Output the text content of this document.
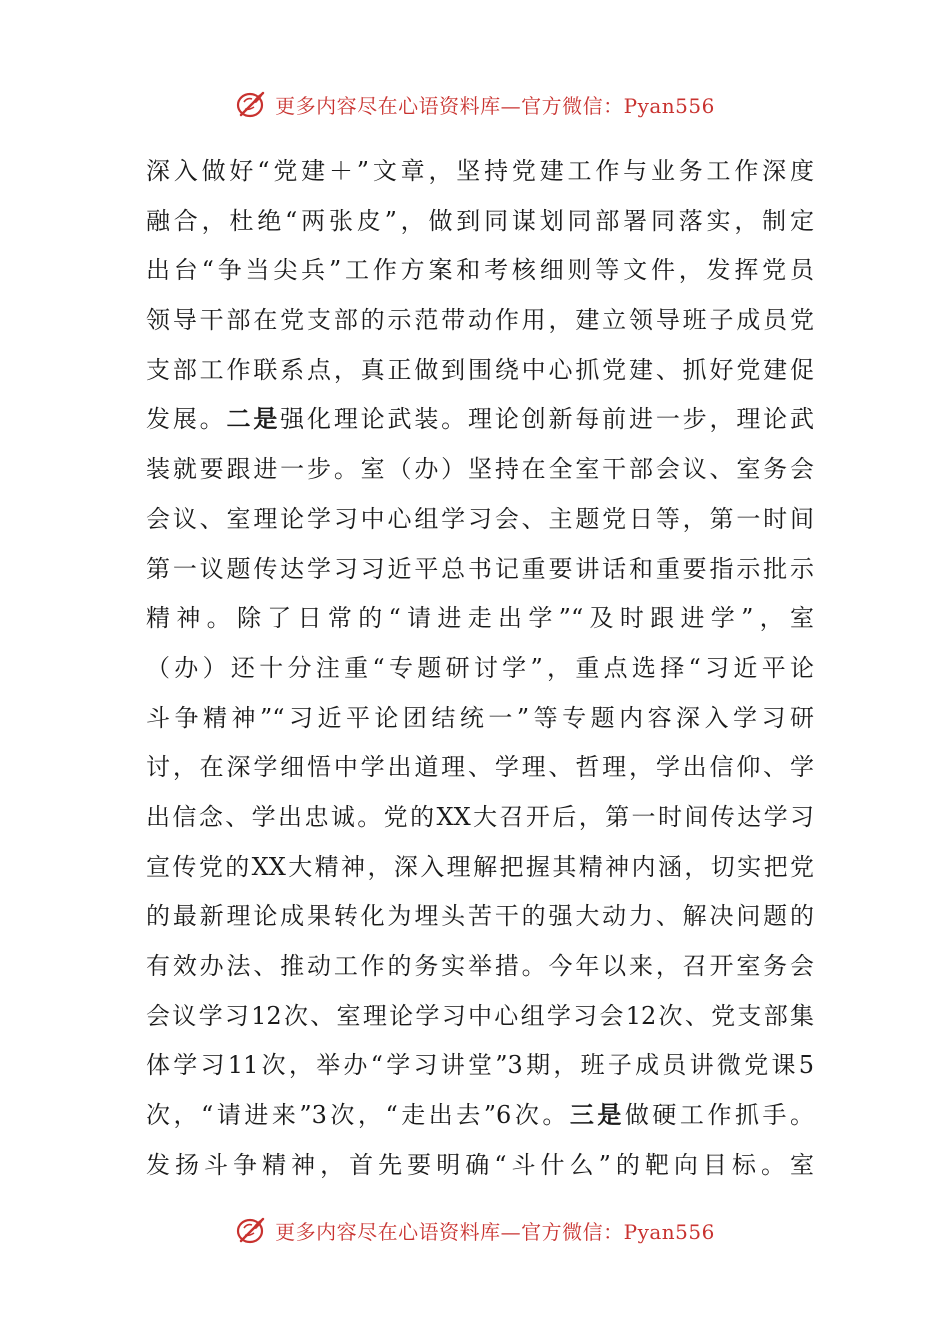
更多内容尽在心语资料库—官方微信：Pyan556
深入做好“党建＋”文章，坚持党建工作与业务工作深度
融合，杜绝“两张皮”，做到同谋划同部署同落实，制定
出台“争当尖兵”工作方案和考核细则等文件，发挥党员
领导干部在党支部的示范带动作用，建立领导班子成员党
支部工作联系点，真正做到围绕中心抓党建、抓好党建促
发展。二是强化理论武装。理论创新每前进一步，理论武
装就要跟进一步。室（办）坚持在全室干部会议、室务会
会议、室理论学习中心组学习会、主题党日等，第一时间
第一议题传达学习习近平总书记重要讲话和重要指示批示
精神。除了日常的“请进走出学”“及时跟进学”，室
（办）还十分注重“专题研讨学”，重点选择“习近平论
斗争精神”“习近平论团结统一”等专题内容深入学习研
讨，在深学细悟中学出道理、学理、哲理，学出信仰、学
出信念、学出忠诚。党的XX大召开后，第一时间传达学习
宣传党的XX大精神，深入理解把握其精神内涵，切实把党
的最新理论成果转化为埋头苦干的强大动力、解决问题的
有效办法、推动工作的务实举措。今年以来，召开室务会
会议学习12次、室理论学习中心组学习会12次、党支部集
体学习11次，举办“学习讲堂”3期，班子成员讲微党课5
次，“请进来”3次，“走出去”6次。三是做硬工作抓手。
发扬斗争精神，首先要明确“斗什么”的靶向目标。室
更多内容尽在心语资料库—官方微信：Pyan556
